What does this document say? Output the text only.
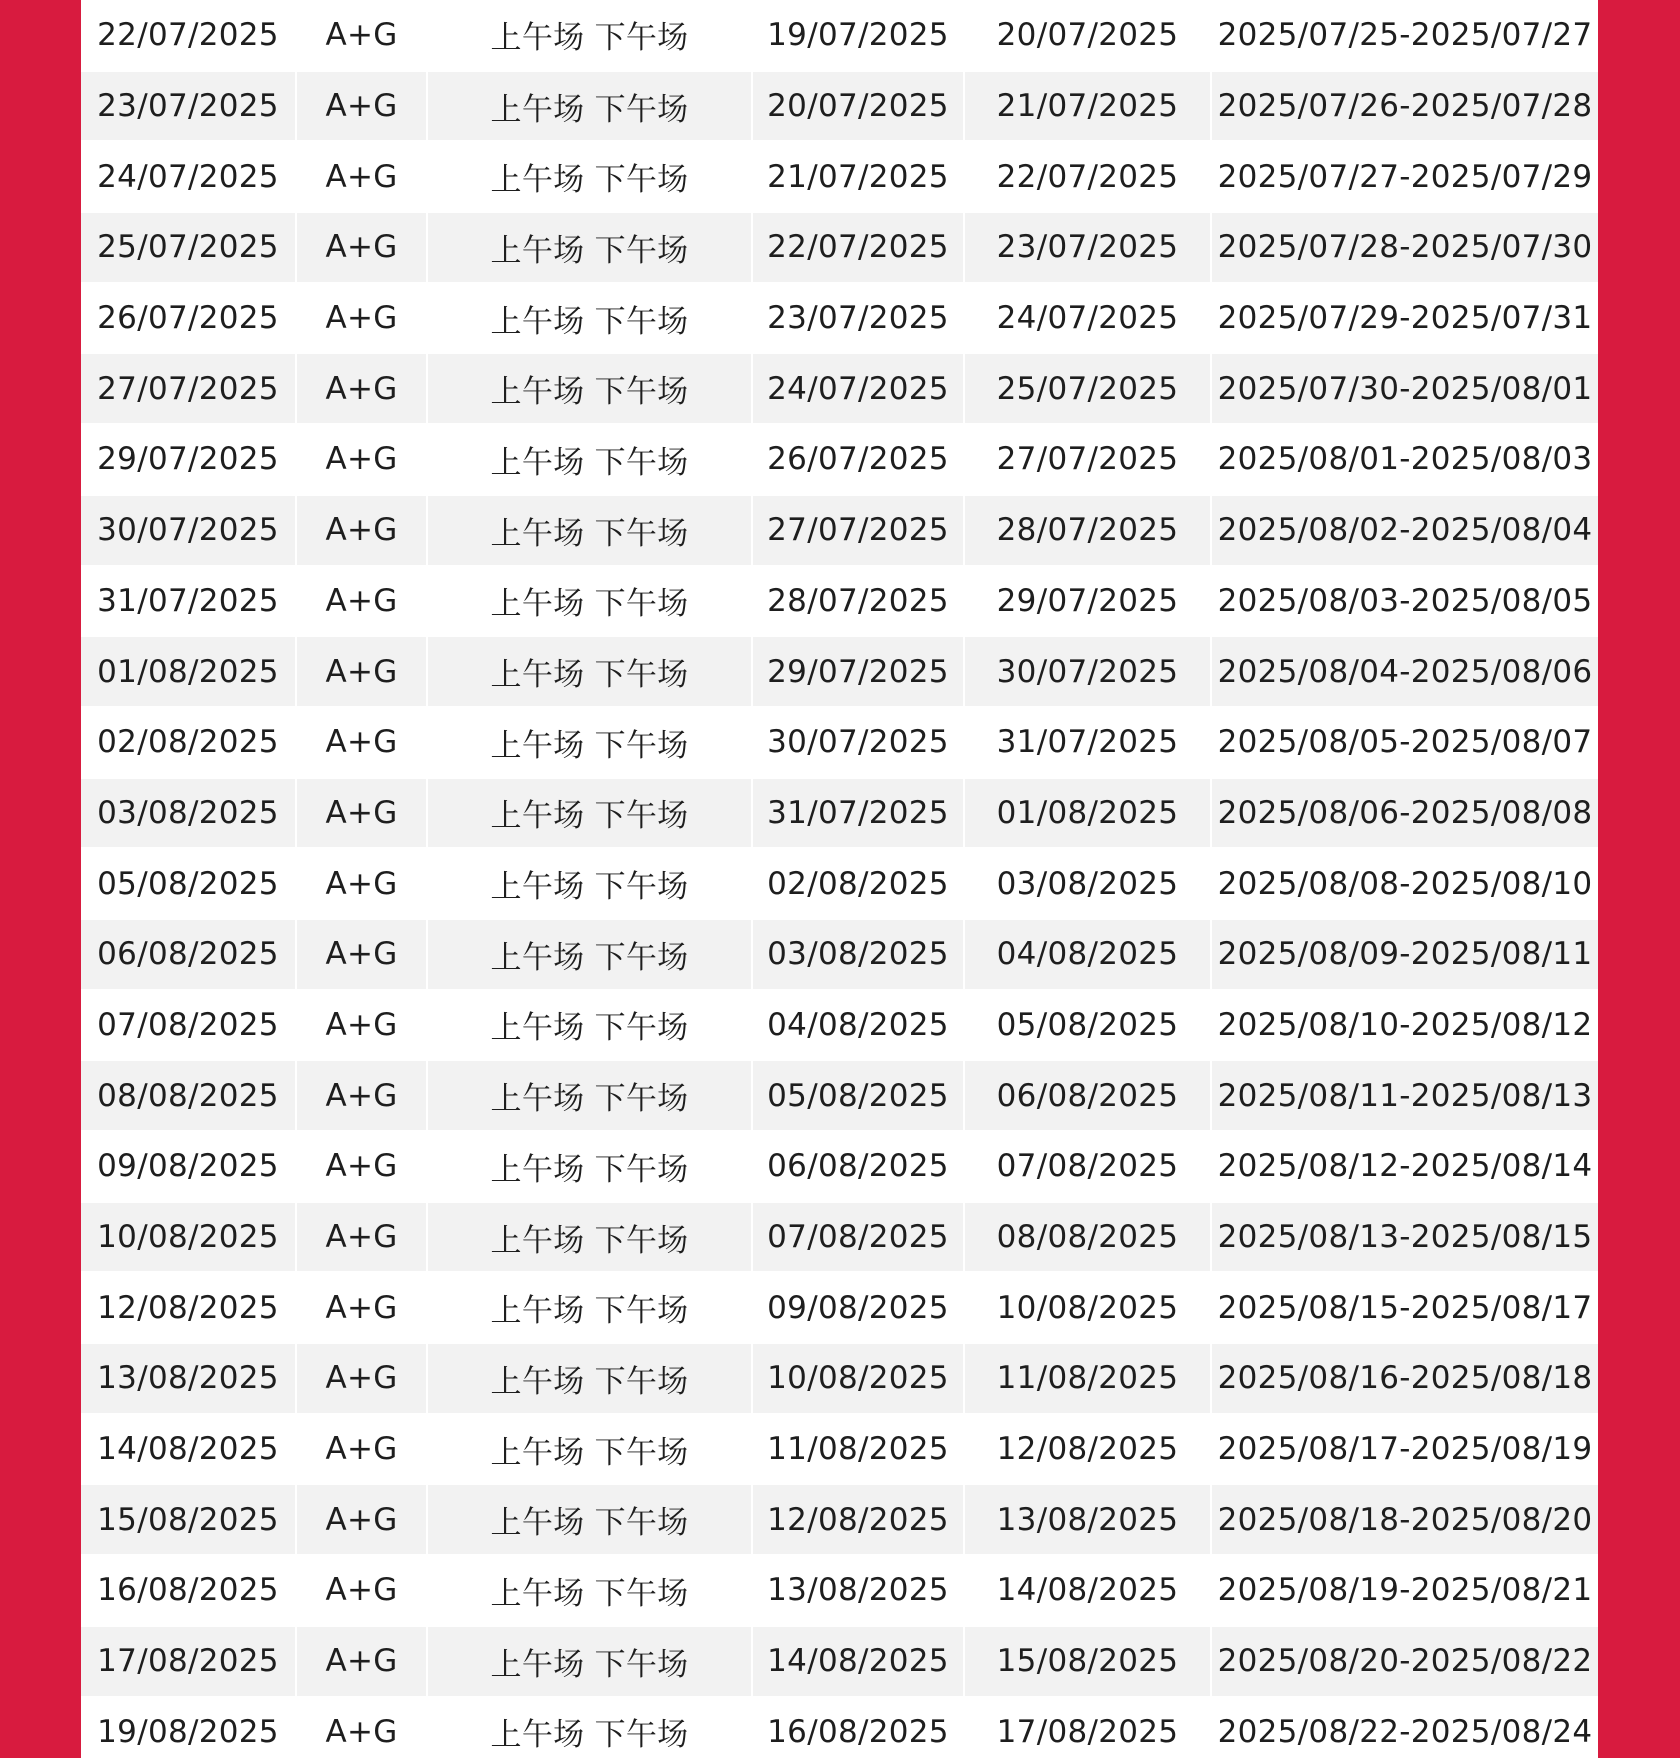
22/07/2025	A+G	上午场 下午场	19/07/2025	20/07/2025	2025/07/25-2025/07/27
23/07/2025	A+G	上午场 下午场	20/07/2025	21/07/2025	2025/07/26-2025/07/28
24/07/2025	A+G	上午场 下午场	21/07/2025	22/07/2025	2025/07/27-2025/07/29
25/07/2025	A+G	上午场 下午场	22/07/2025	23/07/2025	2025/07/28-2025/07/30
26/07/2025	A+G	上午场 下午场	23/07/2025	24/07/2025	2025/07/29-2025/07/31
27/07/2025	A+G	上午场 下午场	24/07/2025	25/07/2025	2025/07/30-2025/08/01
29/07/2025	A+G	上午场 下午场	26/07/2025	27/07/2025	2025/08/01-2025/08/03
30/07/2025	A+G	上午场 下午场	27/07/2025	28/07/2025	2025/08/02-2025/08/04
31/07/2025	A+G	上午场 下午场	28/07/2025	29/07/2025	2025/08/03-2025/08/05
01/08/2025	A+G	上午场 下午场	29/07/2025	30/07/2025	2025/08/04-2025/08/06
02/08/2025	A+G	上午场 下午场	30/07/2025	31/07/2025	2025/08/05-2025/08/07
03/08/2025	A+G	上午场 下午场	31/07/2025	01/08/2025	2025/08/06-2025/08/08
05/08/2025	A+G	上午场 下午场	02/08/2025	03/08/2025	2025/08/08-2025/08/10
06/08/2025	A+G	上午场 下午场	03/08/2025	04/08/2025	2025/08/09-2025/08/11
07/08/2025	A+G	上午场 下午场	04/08/2025	05/08/2025	2025/08/10-2025/08/12
08/08/2025	A+G	上午场 下午场	05/08/2025	06/08/2025	2025/08/11-2025/08/13
09/08/2025	A+G	上午场 下午场	06/08/2025	07/08/2025	2025/08/12-2025/08/14
10/08/2025	A+G	上午场 下午场	07/08/2025	08/08/2025	2025/08/13-2025/08/15
12/08/2025	A+G	上午场 下午场	09/08/2025	10/08/2025	2025/08/15-2025/08/17
13/08/2025	A+G	上午场 下午场	10/08/2025	11/08/2025	2025/08/16-2025/08/18
14/08/2025	A+G	上午场 下午场	11/08/2025	12/08/2025	2025/08/17-2025/08/19
15/08/2025	A+G	上午场 下午场	12/08/2025	13/08/2025	2025/08/18-2025/08/20
16/08/2025	A+G	上午场 下午场	13/08/2025	14/08/2025	2025/08/19-2025/08/21
17/08/2025	A+G	上午场 下午场	14/08/2025	15/08/2025	2025/08/20-2025/08/22
19/08/2025	A+G	上午场 下午场	16/08/2025	17/08/2025	2025/08/22-2025/08/24
